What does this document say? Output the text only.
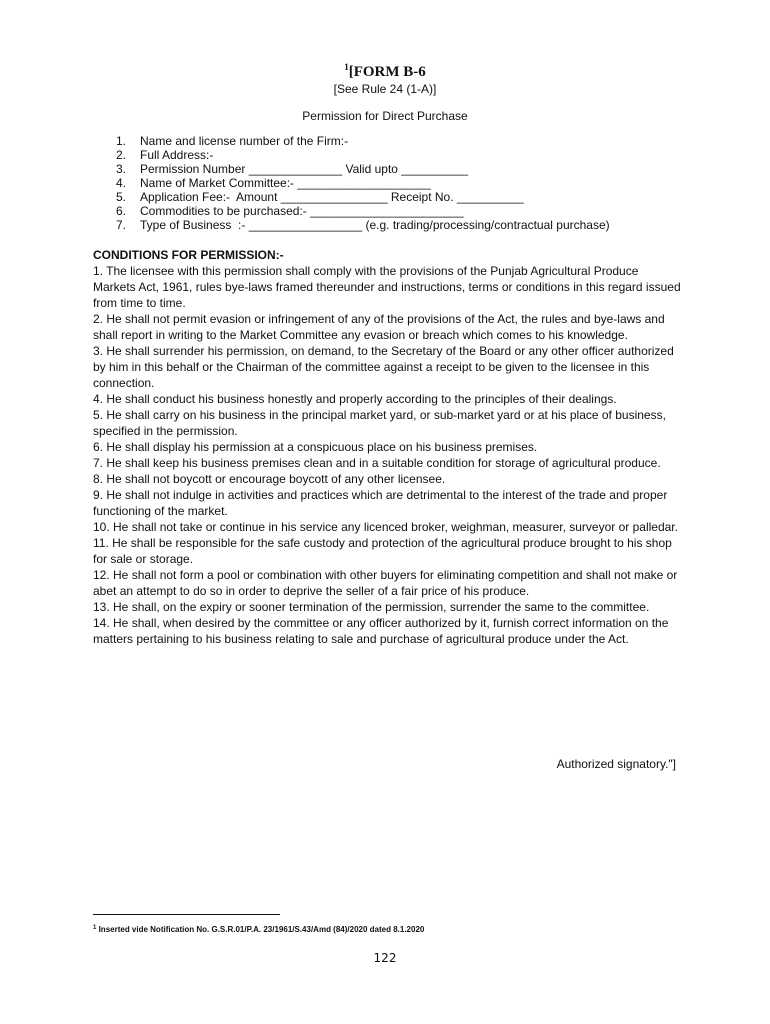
$^1$[FORM B-6
[See Rule 24 (1-A)]
Permission for Direct Purchase
1. Name and license number of the Firm:-
2. Full Address:-
3. Permission Number ______________ Valid upto __________
4. Name of Market Committee:- ____________________
5. Application Fee:-  Amount ________________ Receipt No. __________
6. Commodities to be purchased:- _______________________
7. Type of Business  :- _________________ (e.g. trading/processing/contractual purchase)
CONDITIONS FOR PERMISSION:-
1. The licensee with this permission shall comply with the provisions of the Punjab Agricultural Produce Markets Act, 1961, rules bye-laws framed thereunder and instructions, terms or conditions in this regard issued from time to time.
2. He shall not permit evasion or infringement of any of the provisions of the Act, the rules and bye-laws and shall report in writing to the Market Committee any evasion or breach which comes to his knowledge.
3. He shall surrender his permission, on demand, to the Secretary of the Board or any other officer authorized by him in this behalf or the Chairman of the committee against a receipt to be given to the licensee in this connection.
4. He shall conduct his business honestly and properly according to the principles of their dealings.
5. He shall carry on his business in the principal market yard, or sub-market yard or at his place of business, specified in the permission.
6. He shall display his permission at a conspicuous place on his business premises.
7. He shall keep his business premises clean and in a suitable condition for storage of agricultural produce.
8. He shall not boycott or encourage boycott of any other licensee.
9. He shall not indulge in activities and practices which are detrimental to the interest of the trade and proper functioning of the market.
10. He shall not take or continue in his service any licenced broker, weighman, measurer, surveyor or palledar.
11. He shall be responsible for the safe custody and protection of the agricultural produce brought to his shop for sale or storage.
12. He shall not form a pool or combination with other buyers for eliminating competition and shall not make or abet an attempt to do so in order to deprive the seller of a fair price of his produce.
13. He shall, on the expiry or sooner termination of the permission, surrender the same to the committee.
14. He shall, when desired by the committee or any officer authorized by it, furnish correct information on the matters pertaining to his business relating to sale and purchase of agricultural produce under the Act.
Authorized signatory."]
$^1$ Inserted vide Notification No. G.S.R.01/P.A. 23/1961/S.43/Amd (84)/2020 dated 8.1.2020
122
